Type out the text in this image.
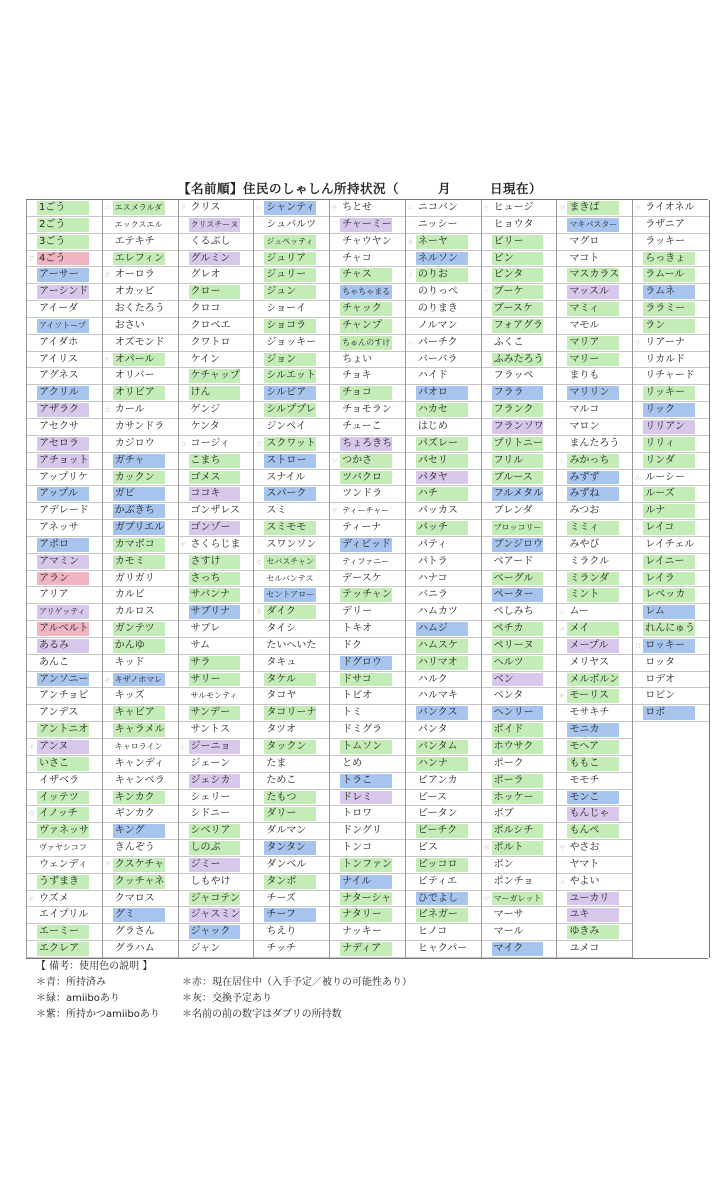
【名前順】住民のしゃしん所持状況（　　　月　　　日現在）
1ごう
2ごう
3ごう
ア 4ごう
アーサー
アーシンド
アイーダ
アイソトープ
アイダホ
アイリス
アグネス
アクリル
アザラク
アセクサ
アセロラ
アチョット
アップリケ
アップル
アデレード
アネッサ
アポロ
アマミン
アラン
アリア
アリゲッティ
アルベルト
あるみ
あんこ
アンソニー
アンチョビ
アンデス
アントニオ
イ アンヌ
いさこ
イザベラ
イッテツ
ウ イノッチ
ヴァネッサ
ヴァヤシコフ
ウェンディ
うずまき
エ ウズメ
エイプリル
エーミー
エクレア
ニ エスメラルダ
エックスエル
エテキチ
エレフィン
オ オーロラ
オカッピ
おくたろう
おさい
オズモンド
ケ オパール
オリバー
オリビア
カ カール
カサンドラ
カジロウ
ガチャ
カックン
ガビ
かぶきち
ガブリエル
カマボコ
カモミ
ガリガリ
カルビ
カルロス
ガンテツ
かんゆ
キッド
キ キザノホマレ
キッズ
キャビア
キャラメル
キャロライン
キャンディ
キャンベラ
キンカク
ギンカク
キング
きんぞう
ク クスケチャ
クッチャネ
クマロス
グミ
グラさん
グラハム
ク クリス
クリスチーヌ
くるぶし
グルミン
グレオ
クロー
クロコ
クロベエ
クワトロ
ケイン
ケチャップ
けん
ゲンジ
ケンタ
コ コージィ
こまち
ゴメス
ココキ
ゴンザレス
ゴンゾー
サ さくらじま
さすけ
さっち
サバンナ
サブリナ
サブレ
サム
サラ
サリー
サルモンティ
サンデー
サントス
シ ジーニョ
ジェーン
ジェシカ
シェリー
シドニー
シベリア
しのぶ
ジミー
しもやけ
ジャコテン
ジャスミン
ジャック
ジャン
シ シャンティ
シュバルツ
ジュペッティ
ジュリア
ジュリー
ジュン
ショーイ
ショコラ
ジョッキー
ジョン
シルエット
シルビア
シルププレ
ジンペイ
ス スクワット
ストロー
スナイル
スパーク
スミ
スミモモ
スワンソン
セ セバスチャン
セルバンテス
セントアロー
タ ダイク
タイシ
たいへいた
タキュ
タケル
タコヤ
タコリーナ
タツオ
タックン
たま
ためこ
たもつ
ダリー
ダルマン
タンタン
ダンベル
タンポ
チーズ
チーフ
ちえり
チッチ
チ ちとせ
チャーミー
チャウヤン
チャコ
チャス
ちゃちゃまる
チャック
チャンプ
ちゅんのすけ
ちょい
チョキ
チョコ
チョモラン
チューこ
ちょろきち
ツ つかさ
ツバクロ
ツンドラ
テ ティーチャー
ティーナ
ディビッド
ティファニー
デースケ
テッチャン
デリー
トキオ
ドク
ドグロウ
ドサコ
トピオ
トミ
ドミグラ
トムソン
とめ
トラこ
ドレミ
トロワ
ドングリ
トンコ
トンファン
ナイル
ナターシャ
ナタリー
ナッキー
ナディア
ニ ニコバン
ニッシー
ネ ネーヤ
ネルソン
ノ のりお
のりっぺ
のりまき
ノルマン
ハ パーチク
バーバラ
ハイド
パオロ
ハカセ
はじめ
パズレー
パセリ
パタヤ
ハチ
パッカス
パッチ
パティ
パトラ
ハナコ
バニラ
ハムカツ
ハムジ
ハムスケ
ハリマオ
ハルク
ハルマキ
バンクス
パンタ
バンタム
ハンナ
ピアンカ
ピース
ピータン
ピーチク
ピス
ピッコロ
ピティエ
ひでよし
ピネガー
ヒノコ
ヒャクパー
ヒ ヒュージ
ヒョウタ
ビリー
ピン
ピンタ
フ ブーケ
ブースケ
フォアグラ
ふくこ
ふみたろう
フラッペ
フララ
フランク
フランソワ
プリトニー
フリル
ブルース
フルメタル
ブレンダ
ブロッコリー
ブンジロウ
ベアード
ベーグル
ペーター
ぺしみち
ペチカ
ペリーヌ
ヘルツ
ベン
ベンタ
ヘンリー
ボイド
ホウサク
ポーク
ポーラ
ホッケー
ボブ
ポルシチ
ボ ポルト
ボン
ポンチョ
マ マーガレット
マーサ
マール
マイク
マ まきば
マキパスター
マグロ
マコト
マスカラス
マッスル
マミィ
マモル
マリア
マリー
まりも
マリリン
マルコ
マロン
まんたろう
ミ みかっち
みずず
みずね
みつお
ミミィ
みやび
ミラクル
ミランダ
ミント
ム ムー
メ メイ
メープル
メリヤス
メルボルン
モ モーリス
モサキチ
モニカ
モヘア
ももこ
モモチ
モンこ
もんじゃ
もんぺ
ヤ やさお
ヤマト
ユ やよい
ユーカリ
ユキ
ゆきみ
ユメコ
ラ ライオネル
ラザニア
ラッキー
らっきょ
ラムール
ラムネ
ララミー
ラン
リ リアーナ
リカルド
リチャード
リッキー
リック
リリアン
リリィ
リンダ
ル ルーシー
ルーズ
ルナ
レ レイコ
レイチェル
レイニー
レイラ
レベッカ
レム
れんにゅう
ロ ロッキー
ロッタ
ロデオ
ロビン
ロボ
【 備考：使用色の説明 】
＊青：所持済み
＊緑：amiiboあり
＊紫：所持かつamiiboあり
＊赤：現在居住中（入手予定／被りの可能性あり）
＊灰：交換予定あり
＊名前の前の数字はダブリの所持数
